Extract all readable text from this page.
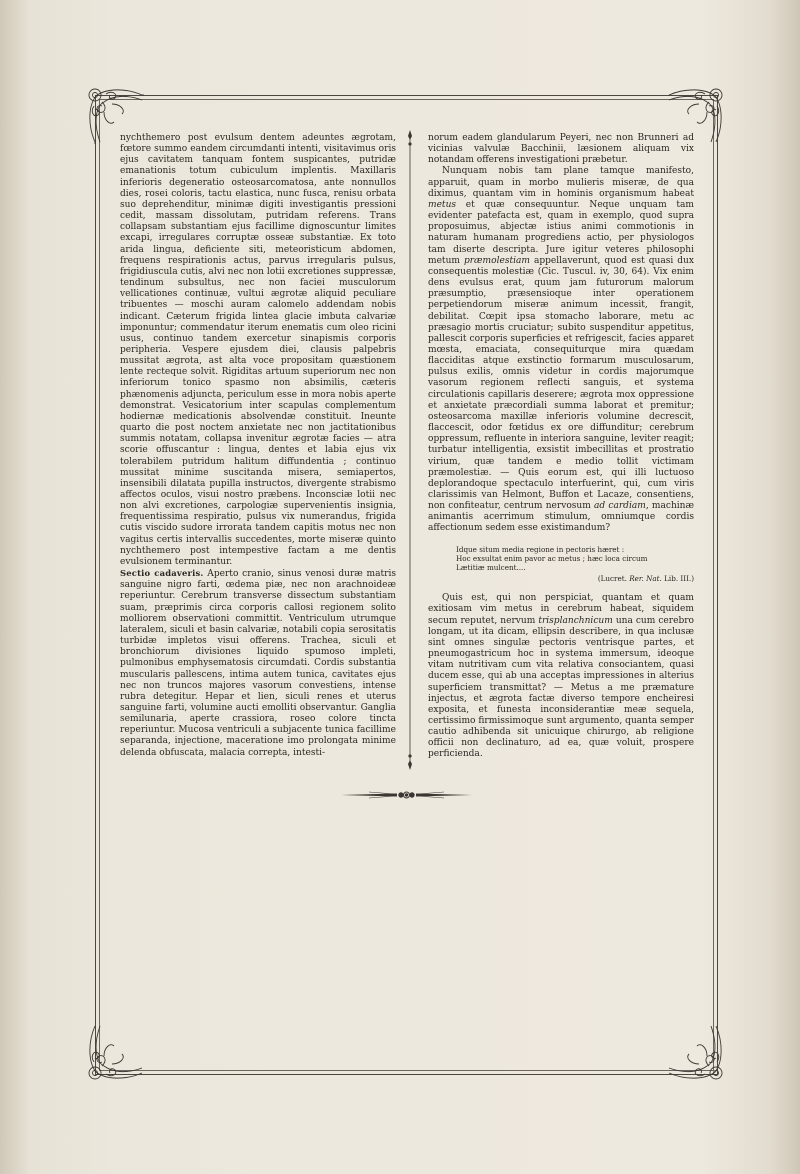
nychthemero post evulsum dentem adeuntes ægrotam, fœtore summo eandem circumdanti intenti, visitavimus oris ejus cavitatem tanquam fontem suspicantes, putridæ emanationis totum cubiculum implentis. Maxillaris inferioris degeneratio osteosarcomatosa, ante nonnullos dies, rosei coloris, tactu elastica, nunc fusca, renisu orbata suo deprehenditur, minimæ digiti investigantis pressioni cedit, massam dissolutam, putridam referens. Trans collapsam substantiam ejus facillime dignoscuntur limites excapi, irregulares corruptæ osseæ substantiæ. Ex toto arida lingua, deficiente siti, meteoristicum abdomen, frequens respirationis actus, parvus irregularis pulsus, frigidiuscula cutis, alvi nec non lotii excretiones suppressæ, tendinum subsultus, nec non faciei musculorum vellicationes continuæ, vultui ægrotæ aliquid peculiare tribuentes — moschi auram calomelo addendam nobis indicant. Cæterum frigida lintea glacie imbuta calvariæ imponuntur; commendatur iterum enematis cum oleo ricini usus, continuo tandem exercetur sinapismis corporis peripheria. Vespere ejusdem diei, clausis palpebris mussitat ægrota, ast alta voce propositam quæstionem lente recteque solvit. Rigiditas artuum superiorum nec non inferiorum tonico spasmo non absimilis, cæteris phænomenis adjuncta, periculum esse in mora nobis aperte demonstrat. Vesicatorium inter scapulas complementum hodiernæ medicationis absolvendæ constituit. Ineunte quarto die post noctem anxietate nec non jactitationibus summis notatam, collapsa invenitur ægrotæ facies — atra scorie offuscantur : lingua, dentes et labia ejus vix tolerabilem putridum halitum diffundentia ; continuo mussitat minime suscitanda misera, semiapertos, insensibili dilatata pupilla instructos, divergente strabismo affectos oculos, visui nostro præbens. Inconsciæ lotii nec non alvi excretiones, carpologiæ supervenientis insignia, frequentissima respiratio, pulsus vix numerandus, frigida cutis viscido sudore irrorata tandem capitis motus nec non vagitus certis intervallis succedentes, morte miseræ quinto nychthemero post intempestive factam a me dentis evulsionem terminantur.

Sectio cadaveris. Aperto cranio, sinus venosi duræ matris sanguine nigro farti, œdema piæ, nec non arachnoideæ reperiuntur. Cerebrum transverse dissectum substantiam suam, præprimis circa corporis callosi regionem solito molliorem observationi committit. Ventriculum utrumque lateralem, siculi et basin calvariæ, notabili copia serositatis turbidæ impletos visui offerens. Trachea, siculi et bronchiorum divisiones liquido spumoso impleti, pulmonibus emphysematosis circumdati. Cordis substantia muscularis pallescens, intima autem tunica, cavitates ejus nec non truncos majores vasorum convestiens, intense rubra detegitur. Hepar et lien, siculi renes et uterus sanguine farti, volumine aucti emolliti observantur. Ganglia semilunaria, aperte crassiora, roseo colore tincta reperiuntur. Mucosa ventriculi a subjacente tunica facillime separanda, injectione, maceratione imo prolongata minime delenda obfuscata, malacia correpta, intesti-

norum eadem glandularum Peyeri, nec non Brunneri ad vicinias valvulæ Bacchinii, læsionem aliquam vix notandam offerens investigationi præbetur.

Nunquam nobis tam plane tamque manifesto, apparuit, quam in morbo mulieris miseræ, de qua diximus, quantam vim in hominis organismum habeat metus et quæ consequuntur. Neque unquam tam evidenter patefacta est, quam in exemplo, quod supra proposuimus, abjectæ istius animi commotionis in naturam humanam progrediens actio, per physiologos tam diserte descripta. Jure igitur veteres philosophi metum præmolestiam appellaverunt, quod est quasi dux consequentis molestiæ (Cic. Tuscul. iv, 30, 64). Vix enim dens evulsus erat, quum jam futurorum malorum præsumptio, præsensioque inter operationem perpetiendorum miseræ animum incessit, frangit, debilitat. Cœpit ipsa stomacho laborare, metu ac præsagio mortis cruciatur; subito suspenditur appetitus, pallescit corporis superficies et refrigescit, facies apparet mœsta, emaciata, consequiturque mira quædam flacciditas atque exstinctio formarum musculosarum, pulsus exilis, omnis videtur in cordis majorumque vasorum regionem reflecti sanguis, et systema circulationis capillaris deserere; ægrota mox oppressione et anxietate præcordiali summa laborat et premitur; osteosarcoma maxillæ inferioris volumine decrescit, flaccescit, odor fœtidus ex ore diffunditur; cerebrum oppressum, refluente in interiora sanguine, leviter reagit; turbatur intelligentia, exsistit imbecillitas et prostratio virium, quæ tandem e medio tollit victimam præmolestiæ. — Quis eorum est, qui illi luctuoso deplorandoque spectaculo interfuerint, qui, cum viris clarissimis van Helmont, Buffon et Lacaze, consentiens, non confiteatur, centrum nervosum ad cardiam, machinæ animantis acerrimum stimulum, omniumque cordis affectionum sedem esse existimandum?

Idque situm media regione in pectoris hæret :
Hoc exsultat enim pavor ac metus ; hæc loca circum
Lætitiæ mulcent....
(Lucret. Rer. Nat. Lib. III.)

Quis est, qui non perspiciat, quantam et quam exitiosam vim metus in cerebrum habeat, siquidem secum reputet, nervum trisplanchnicum una cum cerebro longam, ut ita dicam, ellipsin describere, in qua inclusæ sint omnes singulæ pectoris ventrisque partes, et pneumogastricum hoc in systema immersum, ideoque vitam nutritivam cum vita relativa consociantem, quasi ducem esse, qui ab una acceptas impressiones in alterius superficiem transmittat? — Metus a me præmature injectus, et ægrota factæ diverso tempore encheiresi exposita, et funesta inconsiderantiæ meæ sequela, certissimo firmissimoque sunt argumento, quanta semper cautio adhibenda sit unicuique chirurgo, ab religione officii non declinaturo, ad ea, quæ voluit, prospere perficienda.
